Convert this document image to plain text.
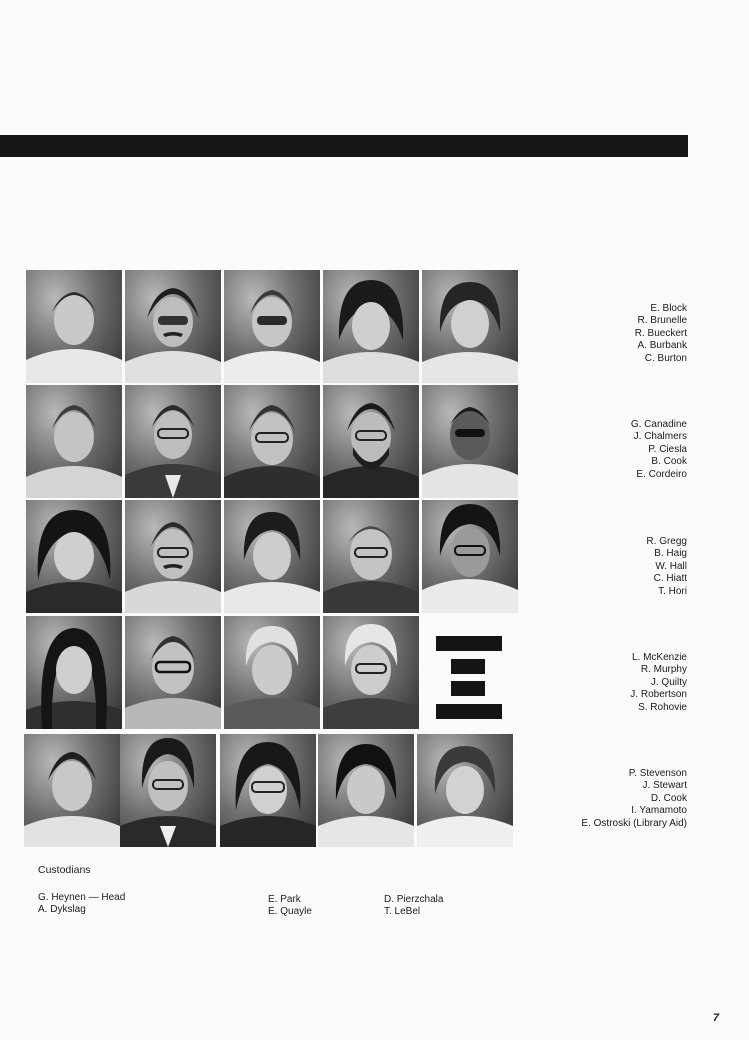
E. Block
R. Brunelle
R. Bueckert
A. Burbank
C. Burton
G. Canadine
J. Chalmers
P. Ciesla
B. Cook
E. Cordeiro
R. Gregg
B. Haig
W. Hall
C. Hiatt
T. Hori
L. McKenzie
R. Murphy
J. Quilty
J. Robertson
S. Rohovie
P. Stevenson
J. Stewart
D. Cook
I. Yamamoto
E. Ostroski (Library Aid)
Custodians
G. Heynen — Head
A. Dykslag
E. Park
E. Quayle
D. Pierzchala
T. LeBel
7
